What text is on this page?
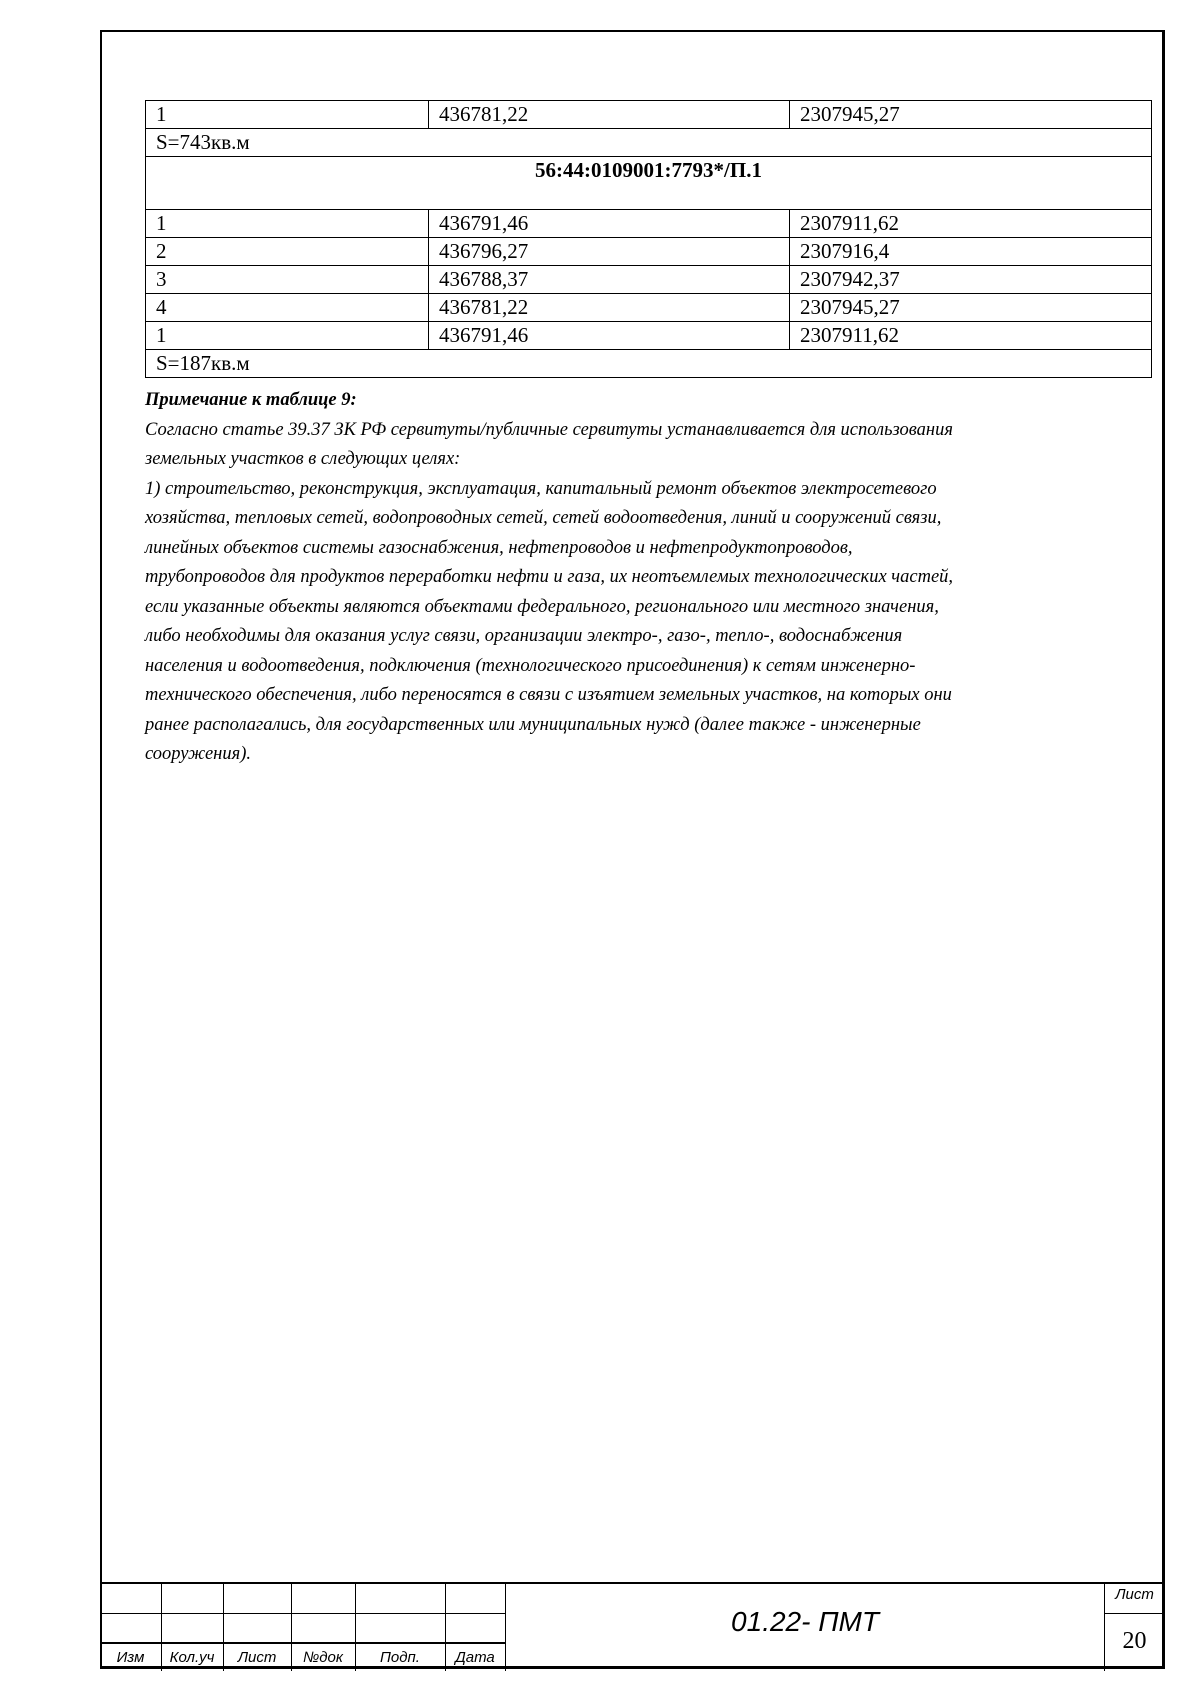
1	436781,22	2307945,27
S=743кв.м		
56:44:0109001:7793*/П.1		
1	436791,46	2307911,62
2	436796,27	2307916,4
3	436788,37	2307942,37
4	436781,22	2307945,27
1	436791,46	2307911,62
S=187кв.м		
Примечание к таблице 9:
Согласно статье 39.37 ЗК РФ сервитуты/публичные сервитуты устанавливается для использования
земельных участков в следующих целях:
1) строительство, реконструкция, эксплуатация, капитальный ремонт объектов электросетевого
хозяйства, тепловых сетей, водопроводных сетей, сетей водоотведения, линий и сооружений связи,
линейных объектов системы газоснабжения, нефтепроводов и нефтепродуктопроводов,
трубопроводов для продуктов переработки нефти и газа, их неотъемлемых технологических частей,
если указанные объекты являются объектами федерального, регионального или местного значения,
либо необходимы для оказания услуг связи, организации электро-, газо-, тепло-, водоснабжения
населения и водоотведения, подключения (технологического присоединения) к сетям инженерно-
технического обеспечения, либо переносятся в связи с изъятием земельных участков, на которых они
ранее располагались, для государственных или муниципальных нужд (далее также - инженерные
сооружения).
Изм	Кол.уч	Лист	№док	Подп.	Дата
01.22- ПМТ
Лист
20
